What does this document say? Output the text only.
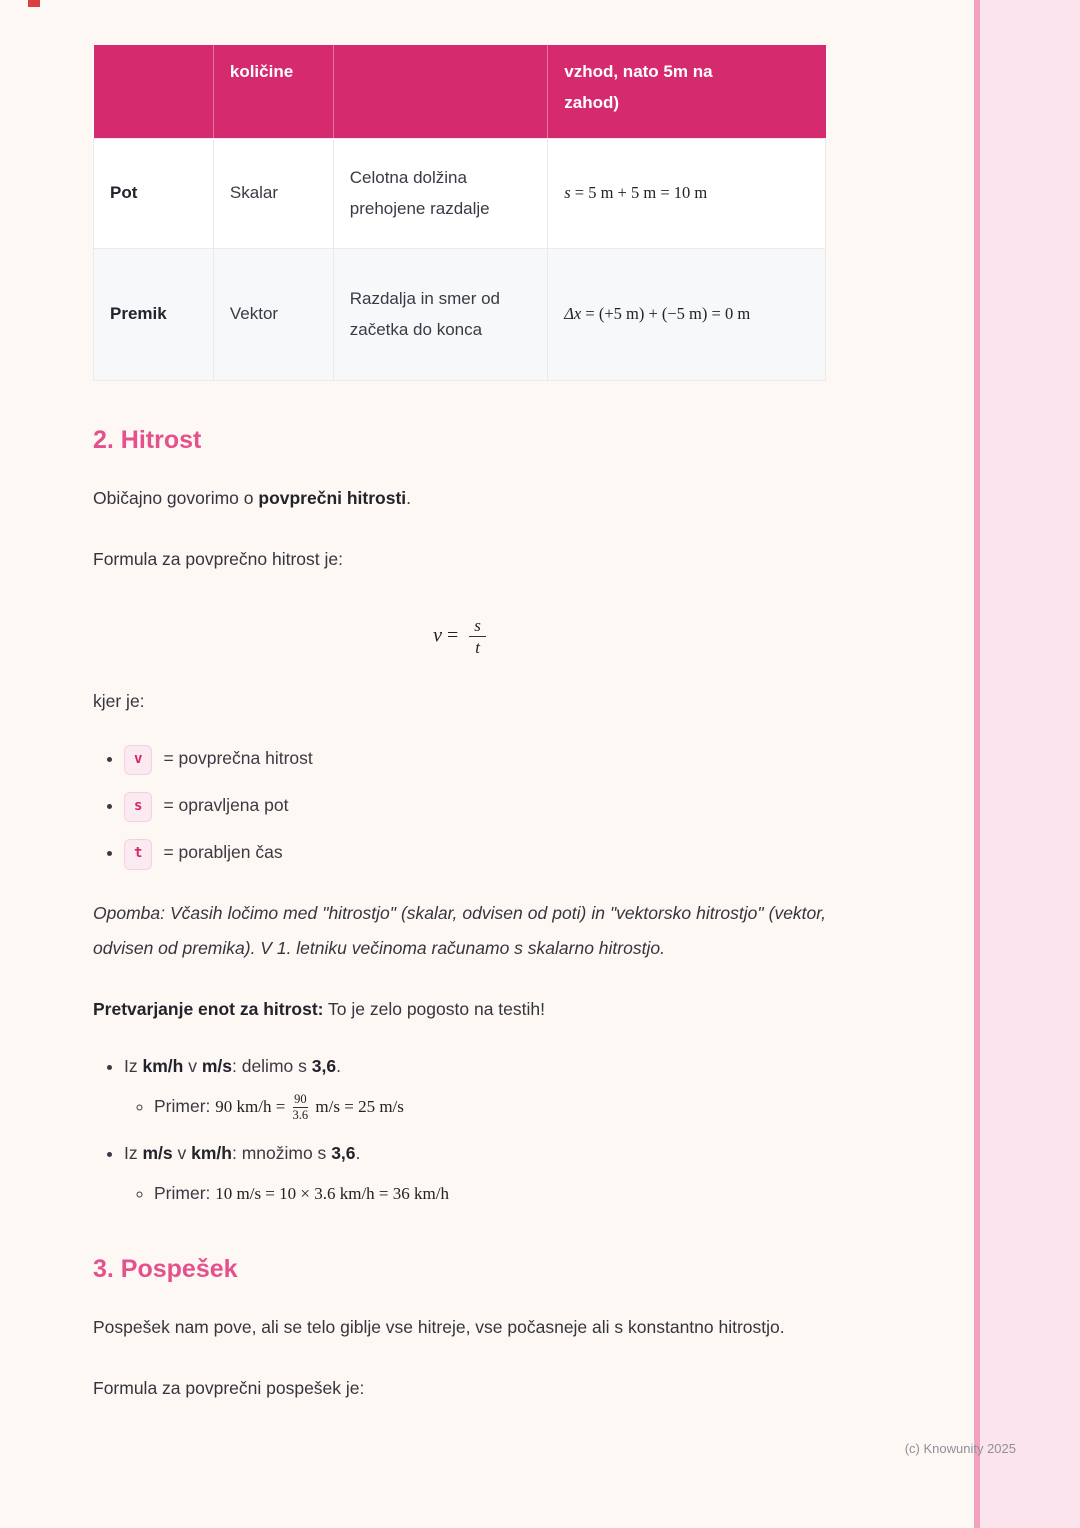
(c) Knowunity 2025
	količine		vzhod, nato 5m na
zahod)

Pot	Skalar	Celotna dolžina prehojene razdalje	s = 5 m + 5 m = 10 m
Premik	Vektor	Razdalja in smer od začetka do konca	Δx = (+5 m) + (−5 m) = 0 m
2. Hitrost

Običajno govorimo o povprečni hitrosti.

Formula za povprečno hitrost je:

$v = \frac{s}{t}$

kjer je:

• v = povprečna hitrost
• s = opravljena pot
• t = porabljen čas

Opomba: Včasih ločimo med "hitrostjo" (skalar, odvisen od poti) in "vektorsko hitrostjo" (vektor, odvisen od premika). V 1. letniku večinoma računamo s skalarno hitrostjo.

Pretvarjanje enot za hitrost: To je zelo pogosto na testih!

• Iz km/h v m/s: delimo s 3,6.
◦ Primer: 90 $km/h = \frac{90}{3.6} m/s = 25$ m/s
• Iz m/s v km/h: množimo s 3,6.
◦ Primer: 10 m/s = 10 × 3.6 km/h = 36 km/h
3. Pospešek

Pospešek nam pove, ali se telo giblje vse hitreje, vse počasneje ali s konstantno hitrostjo.

Formula za povprečni pospešek je:
